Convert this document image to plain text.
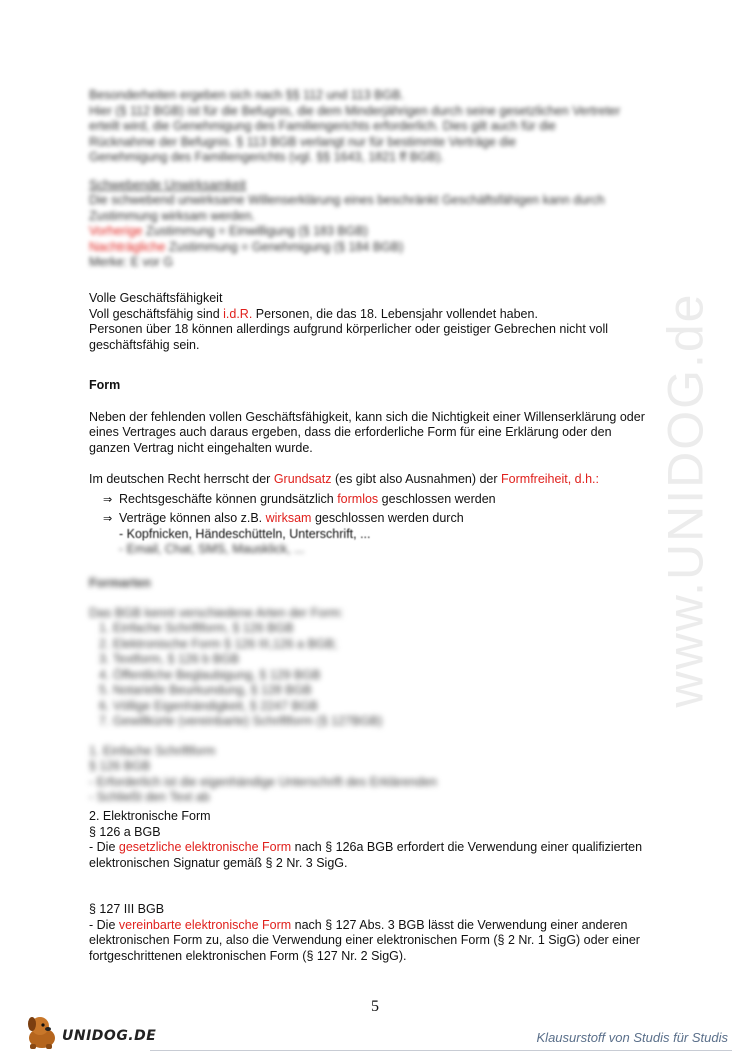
www.UNIDOG.de

Besonderheiten ergeben sich nach §§ 112 und 113 BGB.

Hier (§ 112 BGB) ist für die Befugnis, die dem Minderjährigen durch seine gesetzlichen Vertreter

erteilt wird, die Genehmigung des Familiengerichts erforderlich. Dies gilt auch für die

Rücknahme der Befugnis. § 113 BGB verlangt nur für bestimmte Verträge die

Genehmigung des Familiengerichts (vgl. §§ 1643, 1821 ff BGB).

Schwebende Unwirksamkeit

Die schwebend unwirksame Willenserklärung eines beschränkt Geschäftsfähigen kann durch

Zustimmung wirksam werden.

Vorherige Zustimmung = Einwilligung (§ 183 BGB)

Nachträgliche Zustimmung = Genehmigung (§ 184 BGB)

Merke: E vor G

Volle Geschäftsfähigkeit

Voll geschäftsfähig sind i.d.R. Personen, die das 18. Lebensjahr vollendet haben.

Personen über 18 können allerdings aufgrund körperlicher oder geistiger Gebrechen nicht voll

geschäftsfähig sein.

Form

Neben der fehlenden vollen Geschäftsfähigkeit, kann sich die Nichtigkeit einer Willenserklärung oder

eines Vertrages auch daraus ergeben, dass die erforderliche Form für eine Erklärung oder den

ganzen Vertrag nicht eingehalten wurde.

Im deutschen Recht herrscht der Grundsatz (es gibt also Ausnahmen) der Formfreiheit, d.h.:

⇒ Rechtsgeschäfte können grundsätzlich formlos geschlossen werden

⇒ Verträge können also z.B. wirksam geschlossen werden durch

- Kopfnicken, Händeschütteln, Unterschrift, ...

- Email, Chat, SMS, Mausklick, ...

Formarten

Das BGB kennt verschiedene Arten der Form:

1. Einfache Schriftform, § 126 BGB
2. Elektronische Form § 126 III,126 a BGB;
3. Textform, § 126 b BGB
4. Öffentliche Beglaubigung, § 129 BGB
5. Notarielle Beurkundung, § 128 BGB
6. Völlige Eigenhändigkeit, § 2247 BGB
7. Gewillkürte (vereinbarte) Schriftform (§ 127BGB)

1. Einfache Schriftform

§ 126 BGB

- Erforderlich ist die eigenhändige Unterschrift des Erklärenden

- Schließt den Text ab

2. Elektronische Form

§ 126 a BGB

- Die gesetzliche elektronische Form nach § 126a BGB erfordert die Verwendung einer qualifizierten

elektronischen Signatur gemäß § 2 Nr. 3 SigG.

§ 127 III BGB

- Die vereinbarte elektronische Form nach § 127 Abs. 3 BGB lässt die Verwendung einer anderen

elektronischen Form zu, also die Verwendung einer elektronischen Form (§ 2 Nr. 1 SigG) oder einer

fortgeschrittenen elektronischen Form (§ 127 Nr. 2 SigG).

5
UNIDOG.DE	Klausurstoff von Studis für Studis
